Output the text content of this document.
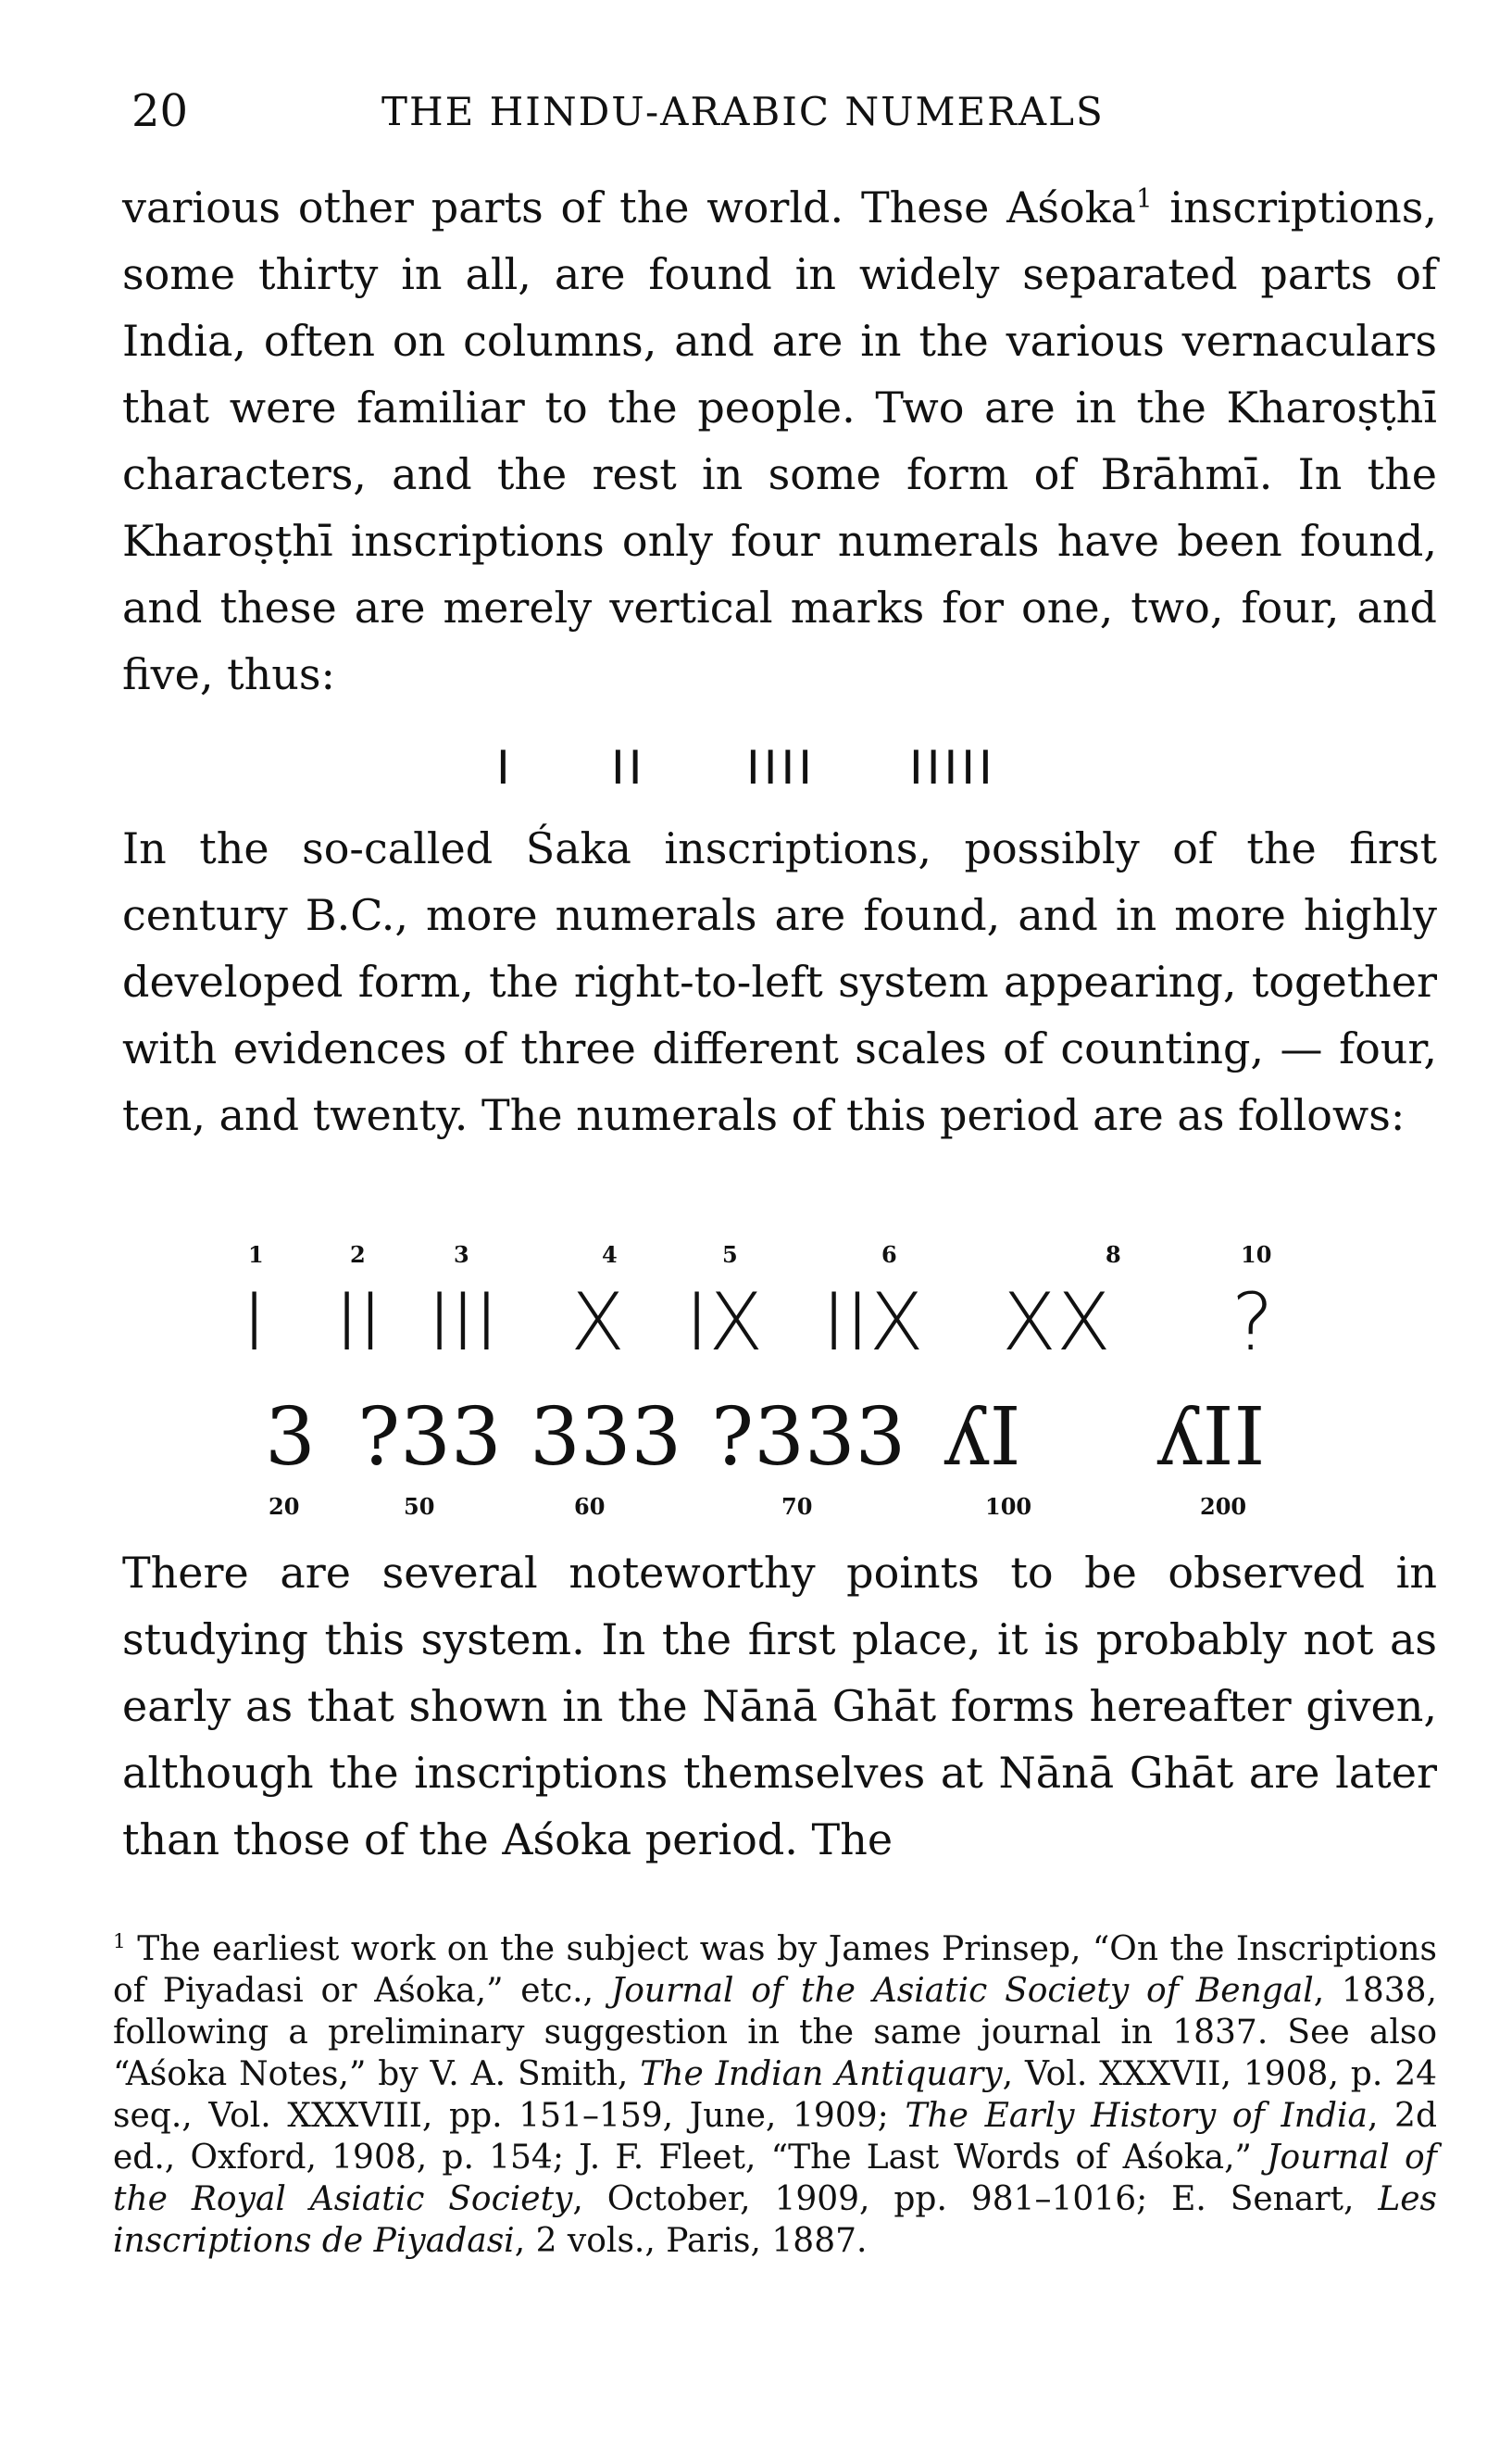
20	THE HINDU-ARABIC NUMERALS
various other parts of the world. These Aśoka$^1$ inscriptions, some thirty in all, are found in widely separated parts of India, often on columns, and are in the various vernaculars that were familiar to the people. Two are in the Kharoṣṭhī characters, and the rest in some form of Brāhmī. In the Kharoṣṭhī inscriptions only four numerals have been found, and these are merely vertical marks for one, two, four, and five, thus:
I II IIII IIIII
In the so-called Śaka inscriptions, possibly of the first century B.C., more numerals are found, and in more highly developed form, the right-to-left system appearing, together with evidences of three different scales of counting, — four, ten, and twenty. The numerals of this period are as follows:
1	2	3	4	5	6	8	10
I II III X IX IIX XX ?
3 ?33 333 ?333 ʎI ʎII
20	50	60	70	100	200
There are several noteworthy points to be observed in studying this system. In the first place, it is probably not as early as that shown in the Nānā Ghāt forms hereafter given, although the inscriptions themselves at Nānā Ghāt are later than those of the Aśoka period. The
$^1$ The earliest work on the subject was by James Prinsep, “On the Inscriptions of Piyadasi or Aśoka,” etc., Journal of the Asiatic Society of Bengal, 1838, following a preliminary suggestion in the same journal in 1837. See also “Aśoka Notes,” by V. A. Smith, The Indian Antiquary, Vol. XXXVII, 1908, p. 24 seq., Vol. XXXVIII, pp. 151–159, June, 1909; The Early History of India, 2d ed., Oxford, 1908, p. 154; J. F. Fleet, “The Last Words of Aśoka,” Journal of the Royal Asiatic Society, October, 1909, pp. 981–1016; E. Senart, Les inscriptions de Piyadasi, 2 vols., Paris, 1887.
